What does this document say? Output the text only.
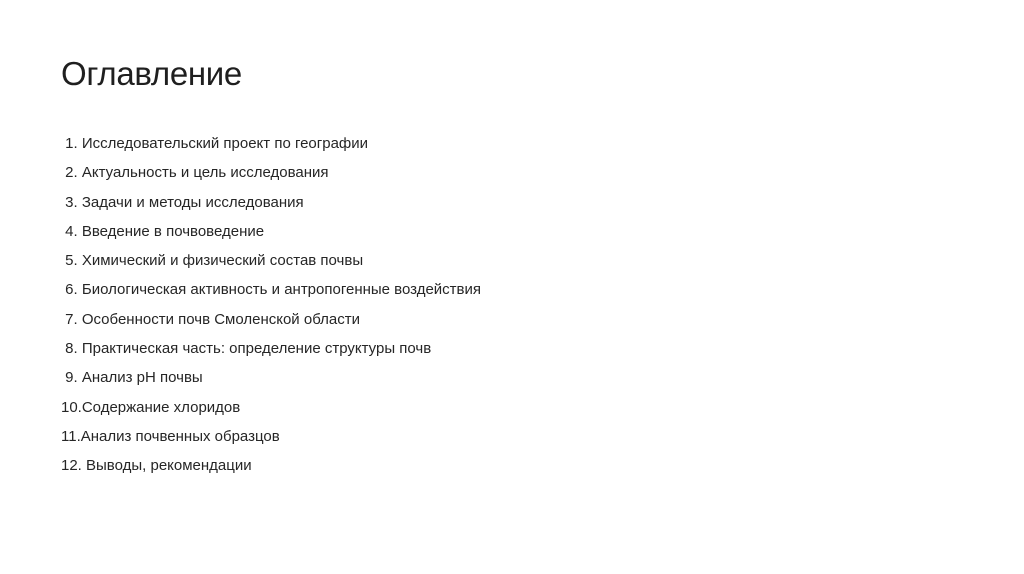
Оглавление
1. Исследовательский проект по географии
2. Актуальность и цель исследования
3. Задачи и методы исследования
4. Введение в почвоведение
5. Химический и физический состав почвы
6. Биологическая активность и антропогенные воздействия
7. Особенности почв Смоленской области
8. Практическая часть: определение структуры почв
9. Анализ pH почвы
10.Содержание хлоридов
11.Анализ почвенных образцов
12. Выводы, рекомендации
